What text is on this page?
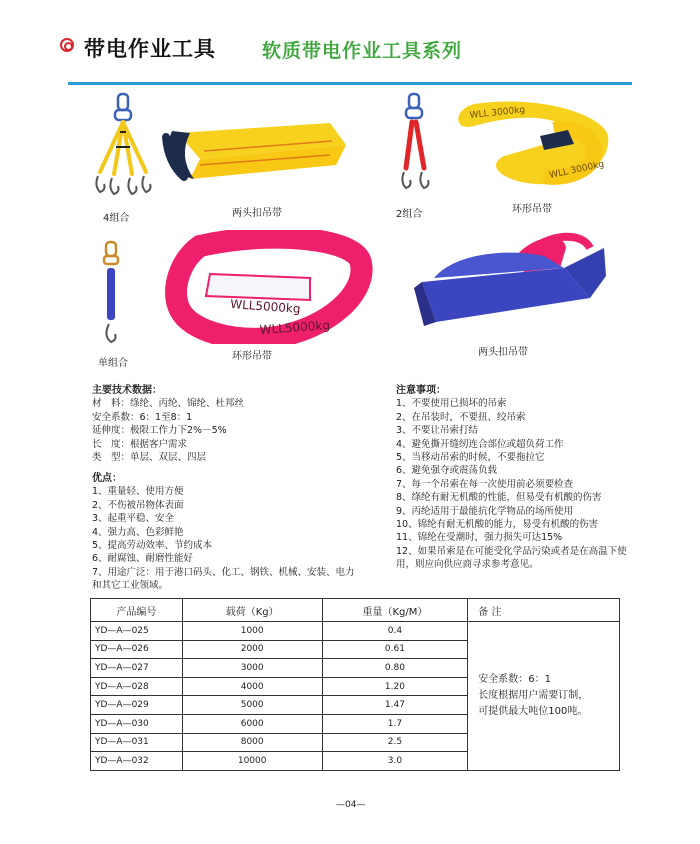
带电作业工具 软质带电作业工具系列
4组合	两头扣吊带	2组合
WLL 3000kg
WLL 3000kg
环形吊带
单组合
WLL5000kg
WLL5000kg
环形吊带	两头扣吊带
主要技术数据：
材　料：绦纶、丙纶、锦纶、杜邦丝
安全系数：6：1至8：1
延伸度：极限工作力下2%－5%
长　度：根据客户需求
类　型：单层、双层、四层
优点：
1、重量轻、使用方便
2、不伤被吊物体表面
3、起重平稳、安全
4、强力高、色彩鲜艳
5、提高劳动效率、节约成本
6、耐腐蚀、耐磨性能好
7、用途广泛：用于港口码头、化工、钢铁、机械、安装、电力
和其它工业领域。
注意事项：
1、不要使用已损坏的吊索
2、在吊装时，不要扭、绞吊索
3、不要让吊索打结
4、避免撕开缝纫连合部位或超负荷工作
5、当移动吊索的时候，不要拖拉它
6、避免强夺或震荡负载
7、每一个吊索在每一次使用前必须要检查
8、绦纶有耐无机酸的性能，但易受有机酸的伤害
9、丙纶适用于最能抗化学物品的场所使用
10、锦纶有耐无机酸的能力，易受有机酸的伤害
11、锦纶在受潮时，强力损失可达15%
12、如果吊索是在可能受化学品污染或者是在高温下使
用，则应向供应商寻求参考意见。
产品编号	载荷（Kg）	重量（Kg/M）	备 注
YD—A—025	1000	0.4	安全系数：6：1
长度根据用户需要订制，
可提供最大吨位100吨。

YD—A—026	2000	0.61	
YD—A—027	3000	0.80	
YD—A—028	4000	1.20	
YD—A—029	5000	1.47	
YD—A—030	6000	1.7	
YD—A—031	8000	2.5	
YD—A—032	10000	3.0	
—04—
